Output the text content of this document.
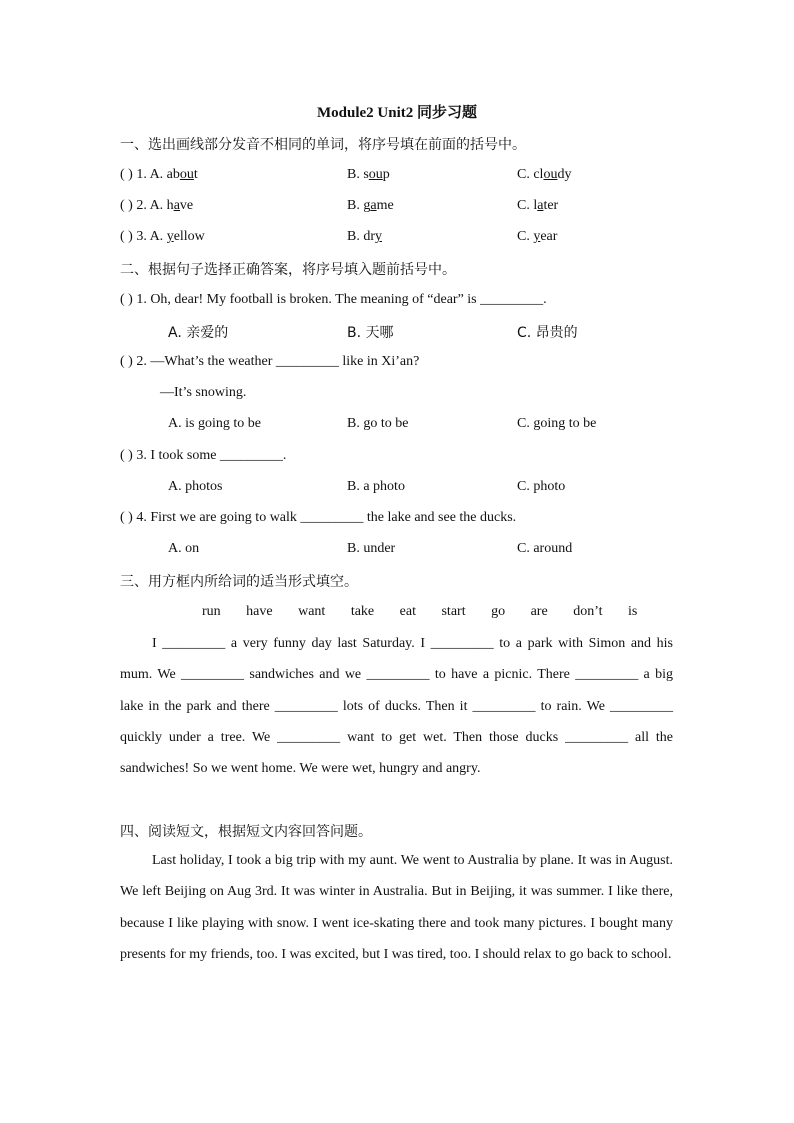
Module2 Unit2 同步习题
一、选出画线部分发音不相同的单词，将序号填在前面的括号中。
( ) 1. A. about	B. soup	C. cloudy
( ) 2. A. have	B. game	C. later
( ) 3. A. yellow	B. dry	C. year
二、根据句子选择正确答案，将序号填入题前括号中。
( ) 1. Oh, dear! My football is broken. The meaning of “dear” is _________.
A. 亲爱的	B. 天哪	C. 昂贵的
( ) 2. —What’s the weather _________ like in Xi’an?
—It’s snowing.
A. is going to be	B. go to be	C. going to be
( ) 3. I took some _________.
A. photos	B. a photo	C. photo
( ) 4. First we are going to walk _________ the lake and see the ducks.
A. on	B. under	C. around
三、用方框内所给词的适当形式填空。
run have want take eat start go are don’t is

I _________ a very funny day last Saturday. I _________ to a park with Simon and his mum. We _________ sandwiches and we _________ to have a picnic. There _________ a big lake in the park and there _________ lots of ducks. Then it _________ to rain. We _________ quickly under a tree. We _________ want to get wet. Then those ducks _________ all the sandwiches! So we went home. We were wet, hungry and angry.

四、阅读短文，根据短文内容回答问题。

Last holiday, I took a big trip with my aunt. We went to Australia by plane. It was in August. We left Beijing on Aug 3rd. It was winter in Australia. But in Beijing, it was summer. I like there, because I like playing with snow. I went ice-skating there and took many pictures. I bought many presents for my friends, too. I was excited, but I was tired, too. I should relax to go back to school.
